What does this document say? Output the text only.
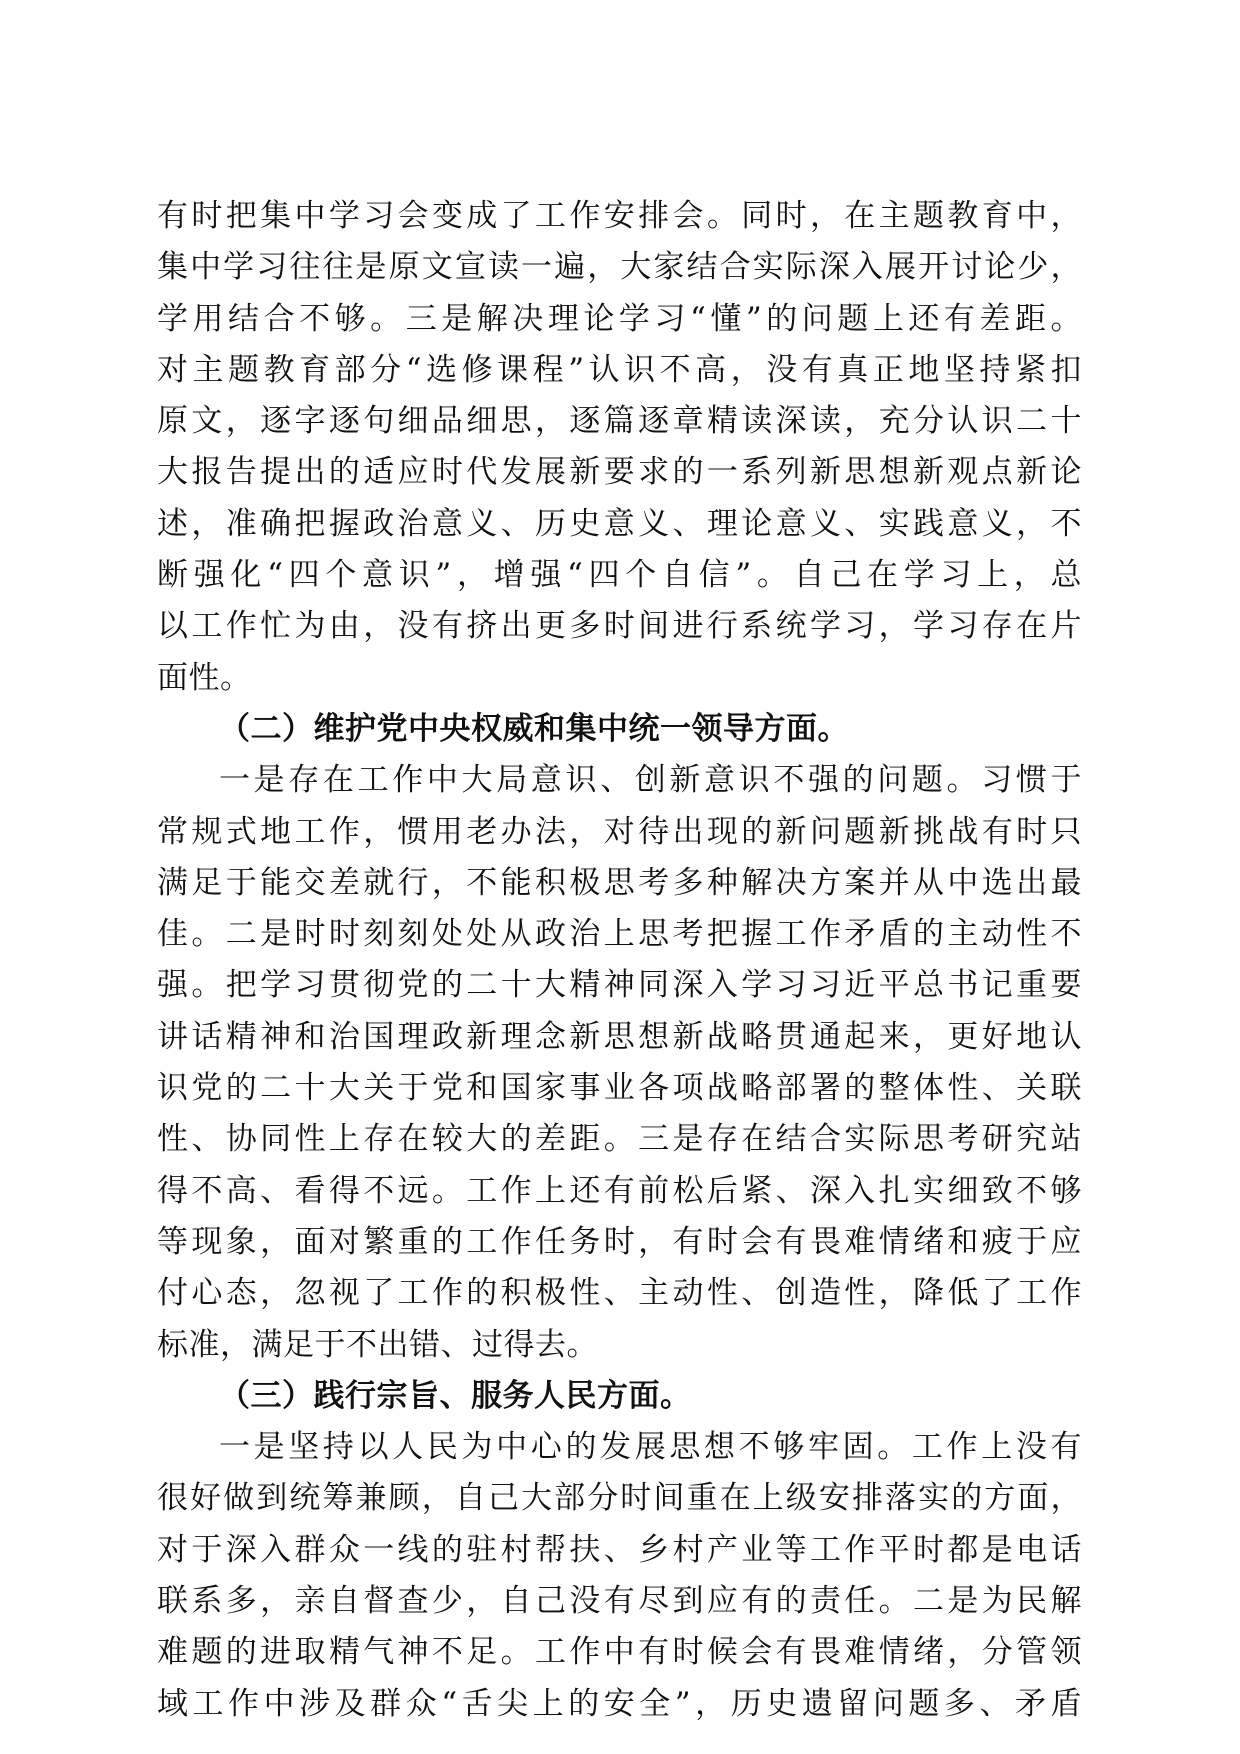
有时把集中学习会变成了工作安排会。同时，在主题教育中，
集中学习往往是原文宣读一遍，大家结合实际深入展开讨论少，
学用结合不够。三是解决理论学习“懂”的问题上还有差距。
对主题教育部分“选修课程”认识不高，没有真正地坚持紧扣
原文，逐字逐句细品细思，逐篇逐章精读深读，充分认识二十
大报告提出的适应时代发展新要求的一系列新思想新观点新论
述，准确把握政治意义、历史意义、理论意义、实践意义，不
断强化“四个意识”，增强“四个自信”。自己在学习上，总
以工作忙为由，没有挤出更多时间进行系统学习，学习存在片
面性。
（二）维护党中央权威和集中统一领导方面。
一是存在工作中大局意识、创新意识不强的问题。习惯于
常规式地工作，惯用老办法，对待出现的新问题新挑战有时只
满足于能交差就行，不能积极思考多种解决方案并从中选出最
佳。二是时时刻刻处处从政治上思考把握工作矛盾的主动性不
强。把学习贯彻党的二十大精神同深入学习习近平总书记重要
讲话精神和治国理政新理念新思想新战略贯通起来，更好地认
识党的二十大关于党和国家事业各项战略部署的整体性、关联
性、协同性上存在较大的差距。三是存在结合实际思考研究站
得不高、看得不远。工作上还有前松后紧、深入扎实细致不够
等现象，面对繁重的工作任务时，有时会有畏难情绪和疲于应
付心态，忽视了工作的积极性、主动性、创造性，降低了工作
标准，满足于不出错、过得去。
（三）践行宗旨、服务人民方面。
一是坚持以人民为中心的发展思想不够牢固。工作上没有
很好做到统筹兼顾，自己大部分时间重在上级安排落实的方面，
对于深入群众一线的驻村帮扶、乡村产业等工作平时都是电话
联系多，亲自督查少，自己没有尽到应有的责任。二是为民解
难题的进取精气神不足。工作中有时候会有畏难情绪，分管领
域工作中涉及群众“舌尖上的安全”，历史遗留问题多、矛盾
